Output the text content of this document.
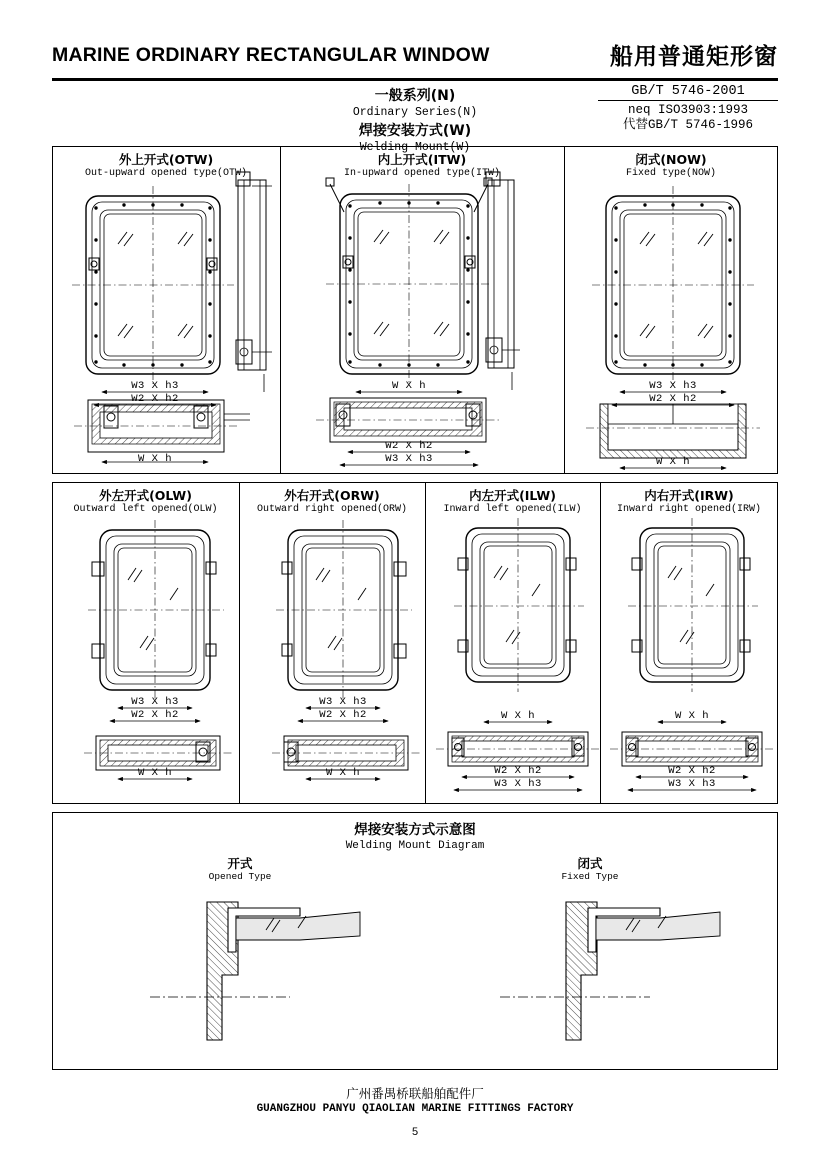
MARINE ORDINARY RECTANGULAR WINDOW	船用普通矩形窗
GB/T 5746-2001
neq ISO3903:1993
代替GB/T 5746-1996
一般系列(N)
Ordinary Series(N)
焊接安装方式(W)
Welding Mount(W)
外上开式(OTW)
Out-upward opened type(OTW)
内上开式(ITW)
In-upward opened type(ITW)
闭式(NOW)
Fixed type(NOW)
外左开式(OLW)
Outward left opened(OLW)
外右开式(ORW)
Outward right opened(ORW)
内左开式(ILW)
Inward left opened(ILW)
内右开式(IRW)
Inward right opened(IRW)
焊接安装方式示意图
Welding Mount Diagram
开式
Opened Type
闭式
Fixed Type
W3 X h3
W2 X h2
W X h
W X h
W2 X h2
W3 X h3
W3 X h3
W2 X h2
W X h
W3 X h3
W2 X h2
W X h
W3 X h3
W2 X h2
W X h
W X h
W2 X h2
W3 X h3
W X h
W2 X h2
W3 X h3
广州番禺桥联船舶配件厂
GUANGZHOU PANYU QIAOLIAN MARINE FITTINGS FACTORY
5
